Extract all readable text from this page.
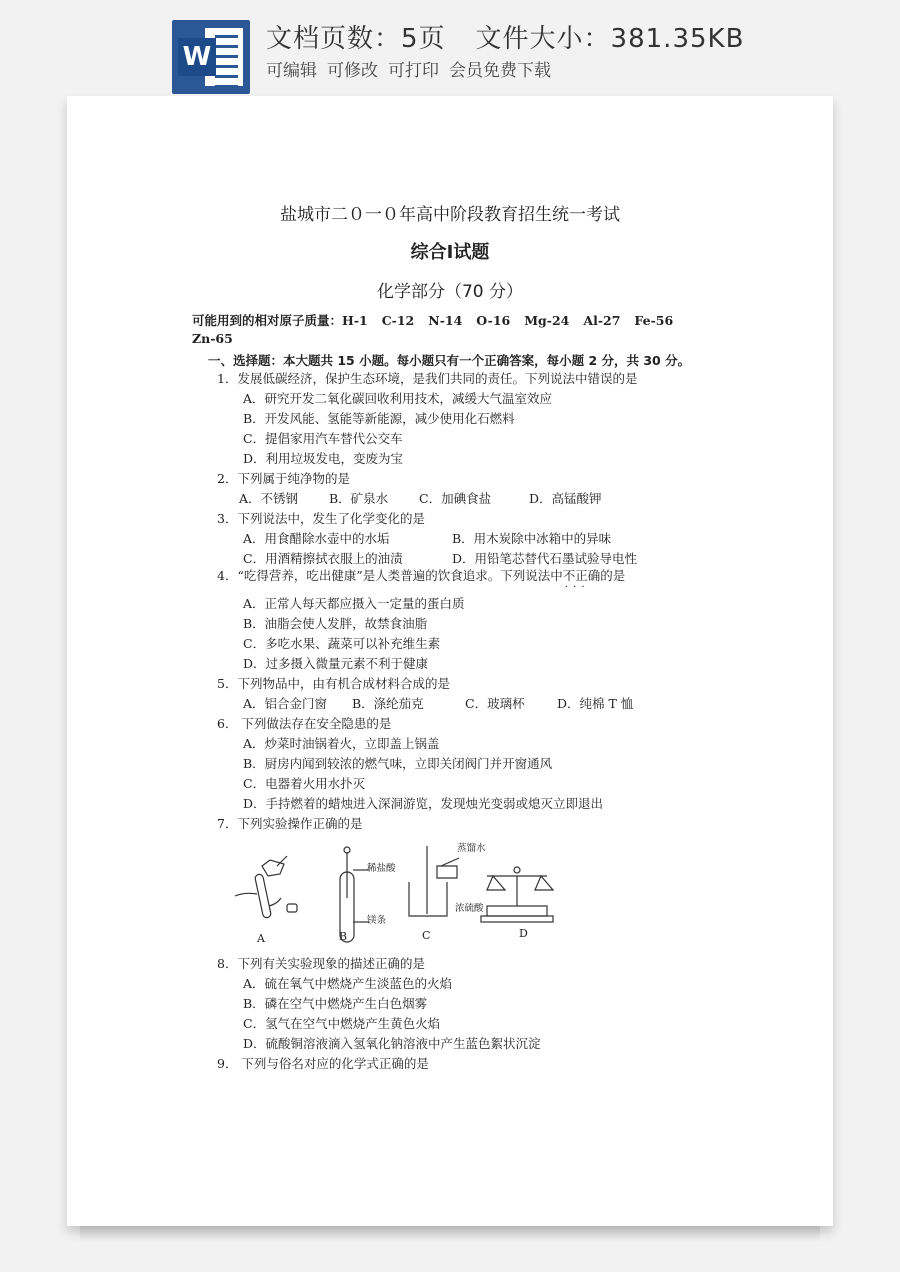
W
文档页数：5页 文件大小：381.35KB
可编辑 可修改 可打印 会员免费下载
盐城市二０一０年高中阶段教育招生统一考试
综合Ⅰ试题
化学部分（70 分）
可能用到的相对原子质量：H-1 C-12 N-14 O-16 Mg-24 Al-27 Fe-56
Zn-65
一、选择题：本大题共 15 小题。每小题只有一个正确答案，每小题 2 分，共 30 分。
1．发展低碳经济，保护生态环境，是我们共同的责任。下列说法中错误的是
A．研究开发二氧化碳回收利用技术，减缓大气温室效应
B．开发风能、氢能等新能源，减少使用化石燃料
C．提倡家用汽车替代公交车
D．利用垃圾发电，变废为宝
2．下列属于纯净物的是
A．不锈钢 B．矿泉水 C．加碘食盐	D．高锰酸钾
3．下列说法中，发生了化学变化的是
A．用食醋除水壶中的水垢	B．用木炭除中冰箱中的异味
C．用酒精擦拭衣服上的油渍	D．用铅笔芯替代石墨试验导电性
4．“吃得营养，吃出健康”是人类普遍的饮食追求。下列说法中不正确 · · ·的是
A．正常人每天都应摄入一定量的蛋白质
B．油脂会使人发胖，故禁食油脂
C．多吃水果、蔬菜可以补充维生素
D．过多摄入微量元素不利于健康
5．下列物品中，由有机合成材料合成的是
A．铝合金门窗 B．涤纶茄克	C．玻璃杯	D．纯棉 T 恤
6． 下列做法存在安全隐患的是
A．炒菜时油锅着火，立即盖上锅盖
B．厨房内闻到较浓的燃气味，立即关闭阀门并开窗通风
C．电器着火用水扑灭
D．手持燃着的蜡烛进入深洞游览，发现烛光变弱或熄灭立即退出
7．下列实验操作正确的是
稀盐酸
镁条
蒸馏水
浓硫酸
A	B	C	D
8．下列有关实验现象的描述正确的是
A．硫在氧气中燃烧产生淡蓝色的火焰
B．磷在空气中燃烧产生白色烟雾
C．氢气在空气中燃烧产生黄色火焰
D．硫酸铜溶液滴入氢氧化钠溶液中产生蓝色絮状沉淀
9． 下列与俗名对应的化学式正确的是
